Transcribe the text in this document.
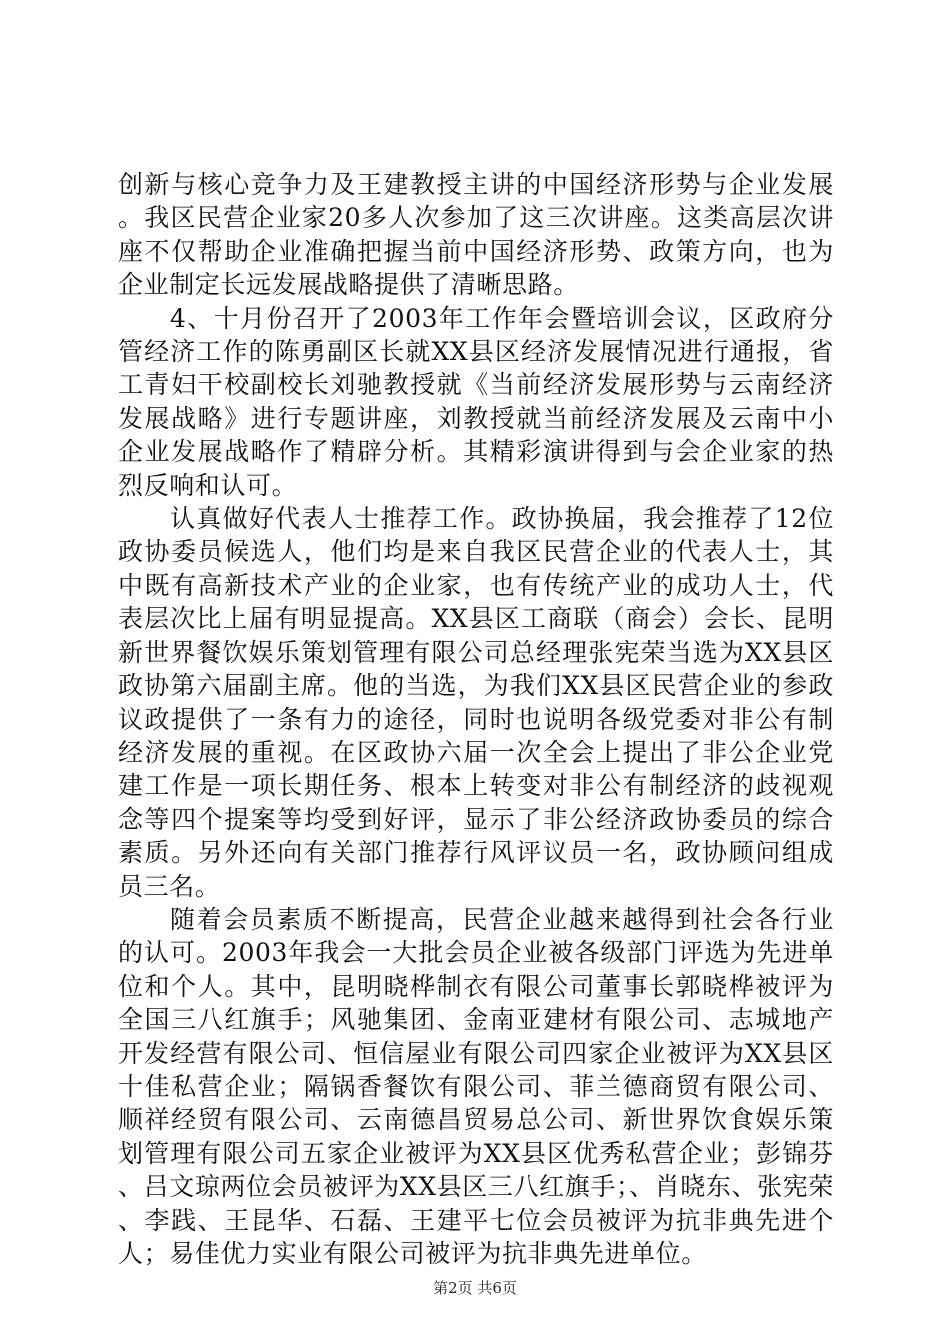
创新与核心竞争力及王建教授主讲的中国经济形势与企业发展。我区民营企业家20多人次参加了这三次讲座。这类高层次讲座不仅帮助企业准确把握当前中国经济形势、政策方向，也为企业制定长远发展战略提供了清晰思路。

4、十月份召开了2003年工作年会暨培训会议，区政府分管经济工作的陈勇副区长就XX县区经济发展情况进行通报，省工青妇干校副校长刘驰教授就《当前经济发展形势与云南经济发展战略》进行专题讲座，刘教授就当前经济发展及云南中小企业发展战略作了精辟分析。其精彩演讲得到与会企业家的热烈反响和认可。

认真做好代表人士推荐工作。政协换届，我会推荐了12位政协委员候选人，他们均是来自我区民营企业的代表人士，其中既有高新技术产业的企业家，也有传统产业的成功人士，代表层次比上届有明显提高。XX县区工商联（商会）会长、昆明新世界餐饮娱乐策划管理有限公司总经理张宪荣当选为XX县区政协第六届副主席。他的当选，为我们XX县区民营企业的参政议政提供了一条有力的途径，同时也说明各级党委对非公有制经济发展的重视。在区政协六届一次全会上提出了非公企业党建工作是一项长期任务、根本上转变对非公有制经济的歧视观念等四个提案等均受到好评，显示了非公经济政协委员的综合素质。另外还向有关部门推荐行风评议员一名，政协顾问组成员三名。

随着会员素质不断提高，民营企业越来越得到社会各行业的认可。2003年我会一大批会员企业被各级部门评选为先进单位和个人。其中，昆明晓桦制衣有限公司董事长郭晓桦被评为全国三八红旗手；风驰集团、金南亚建材有限公司、志城地产开发经营有限公司、恒信屋业有限公司四家企业被评为XX县区十佳私营企业；隔锅香餐饮有限公司、菲兰德商贸有限公司、顺祥经贸有限公司、云南德昌贸易总公司、新世界饮食娱乐策划管理有限公司五家企业被评为XX县区优秀私营企业；彭锦芬、吕文琼两位会员被评为XX县区三八红旗手；、肖晓东、张宪荣、李践、王昆华、石磊、王建平七位会员被评为抗非典先进个人；易佳优力实业有限公司被评为抗非典先进单位。

第2页 共6页
